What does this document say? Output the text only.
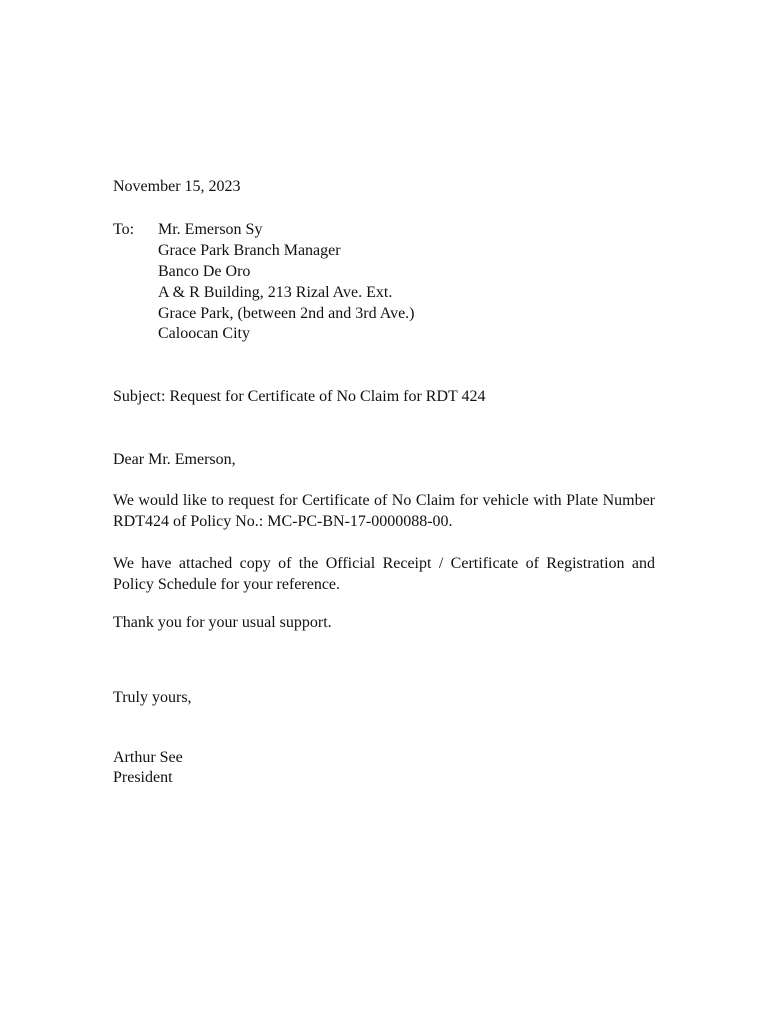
November 15, 2023
To: Mr. Emerson Sy
Grace Park Branch Manager
Banco De Oro
A & R Building, 213 Rizal Ave. Ext.
Grace Park, (between 2nd and 3rd Ave.)
Caloocan City
Subject: Request for Certificate of No Claim for RDT 424
Dear Mr. Emerson,

We would like to request for Certificate of No Claim for vehicle with Plate Number RDT424 of Policy No.: MC-PC-BN-17-0000088-00.

We have attached copy of the Official Receipt / Certificate of Registration and Policy Schedule for your reference.

Thank you for your usual support.

Truly yours,
Arthur See
President
